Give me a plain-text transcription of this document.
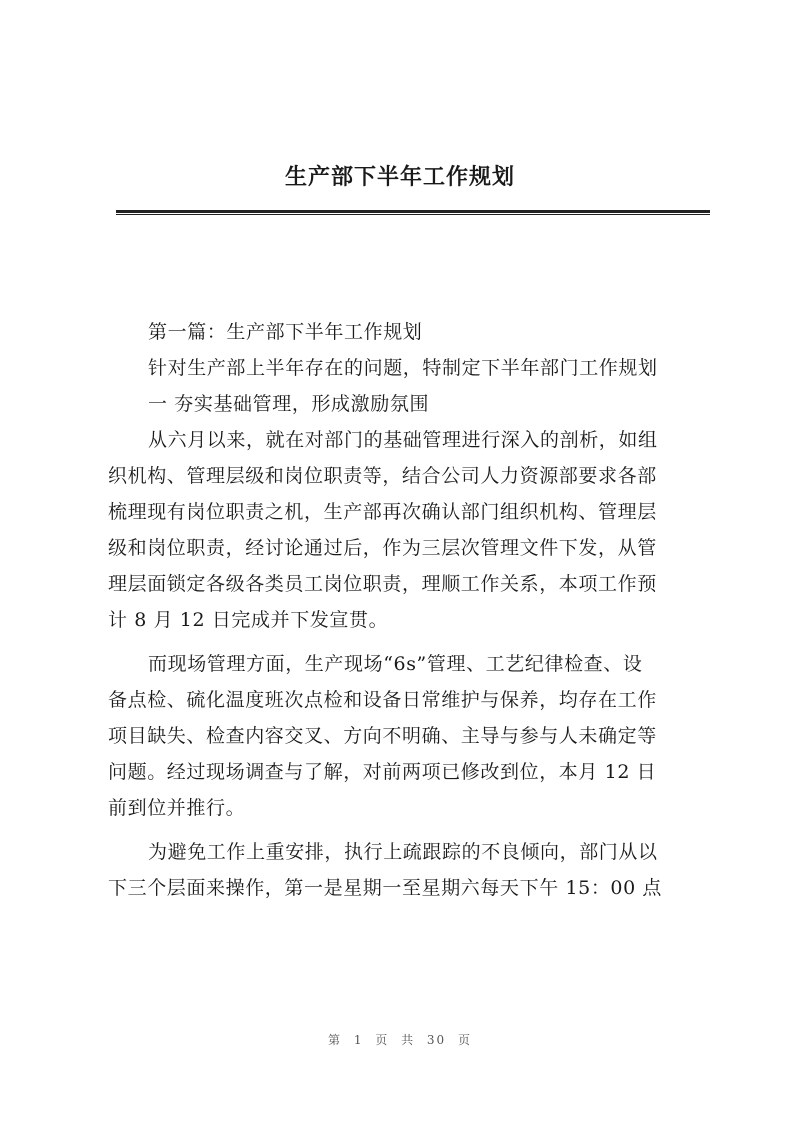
生产部下半年工作规划

第一篇：生产部下半年工作规划

针对生产部上半年存在的问题，特制定下半年部门工作规划

一 夯实基础管理，形成激励氛围

从六月以来，就在对部门的基础管理进行深入的剖析，如组

织机构、管理层级和岗位职责等，结合公司人力资源部要求各部

梳理现有岗位职责之机，生产部再次确认部门组织机构、管理层

级和岗位职责，经讨论通过后，作为三层次管理文件下发，从管

理层面锁定各级各类员工岗位职责，理顺工作关系，本项工作预

计 8 月 12 日完成并下发宣贯。

而现场管理方面，生产现场“6s”管理、工艺纪律检查、设

备点检、硫化温度班次点检和设备日常维护与保养，均存在工作

项目缺失、检查内容交叉、方向不明确、主导与参与人未确定等

问题。经过现场调查与了解，对前两项已修改到位，本月 12 日

前到位并推行。

为避免工作上重安排，执行上疏跟踪的不良倾向，部门从以

下三个层面来操作，第一是星期一至星期六每天下午 15：00 点

第 1 页 共 30 页
